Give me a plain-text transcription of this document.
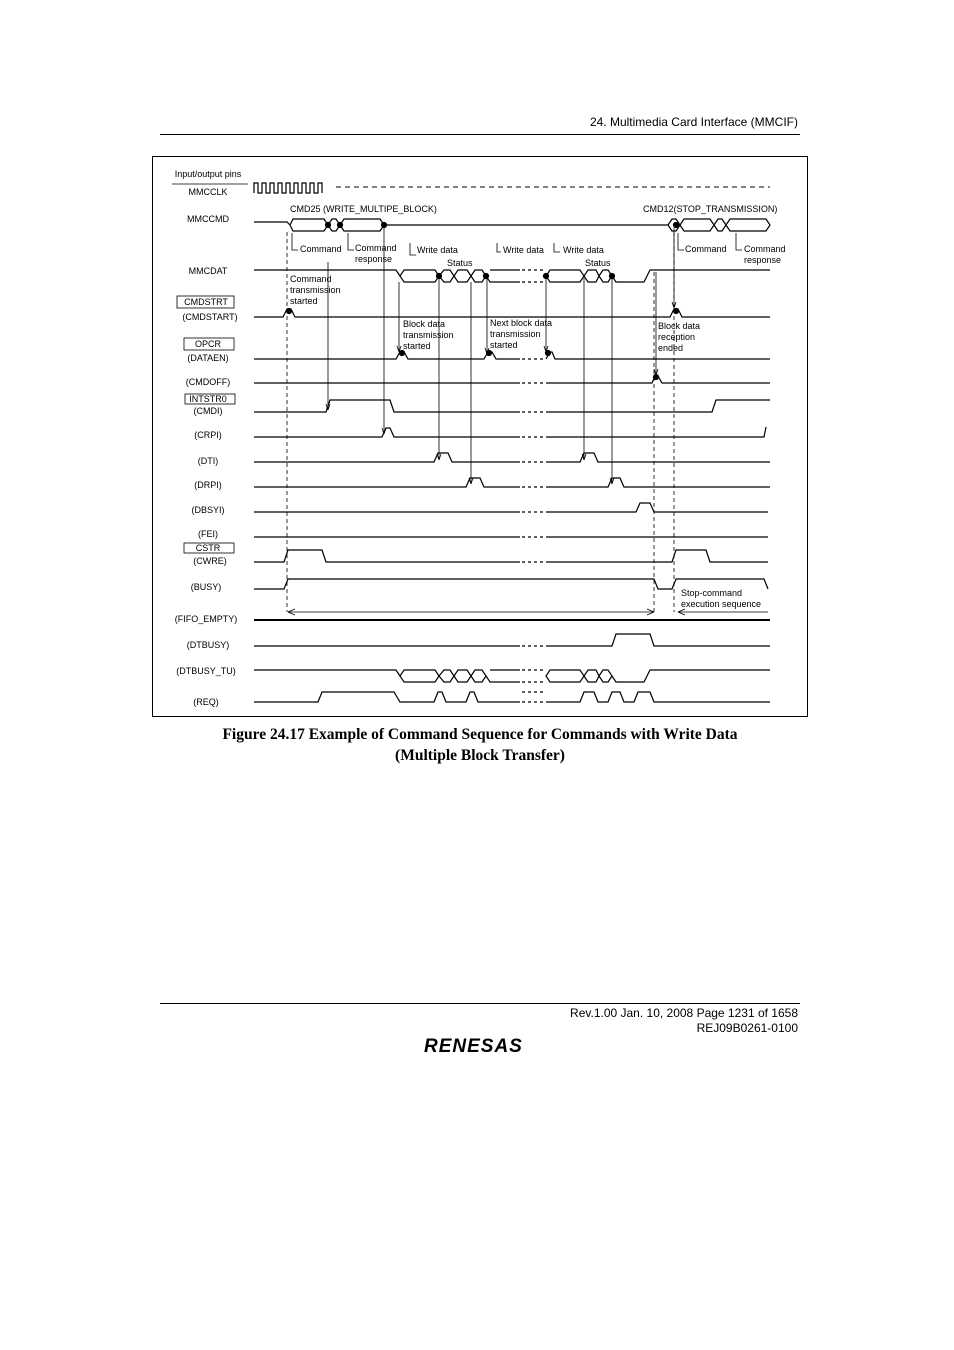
24. Multimedia Card Interface (MMCIF)
Input/output pins
MMCCLK
MMCCMD
MMCDAT
CMDSTRT
(CMDSTART)
OPCR
(DATAEN)
(CMDOFF)
INTSTR0
(CMDI)
(CRPI)
(DTI)
(DRPI)
(DBSYI)
(FEI)
CSTR
(CWRE)
(BUSY)
(FIFO_EMPTY)
(DTBUSY)
(DTBUSY_TU)
(REQ)
CMD25 (WRITE_MULTIPE_BLOCK)	CMD12(STOP_TRANSMISSION)
Command Command
response
Write data
Status
Write data Write data
Status
Command Command
response
Command
transmission
started
Block data
transmission
started
Next block data
transmission
started
Block data
reception
ended
Stop-command
execution sequence
Figure 24.17 Example of Command Sequence for Commands with Write Data
(Multiple Block Transfer)
Rev.1.00 Jan. 10, 2008 Page 1231 of 1658
REJ09B0261-0100
RENESAS
